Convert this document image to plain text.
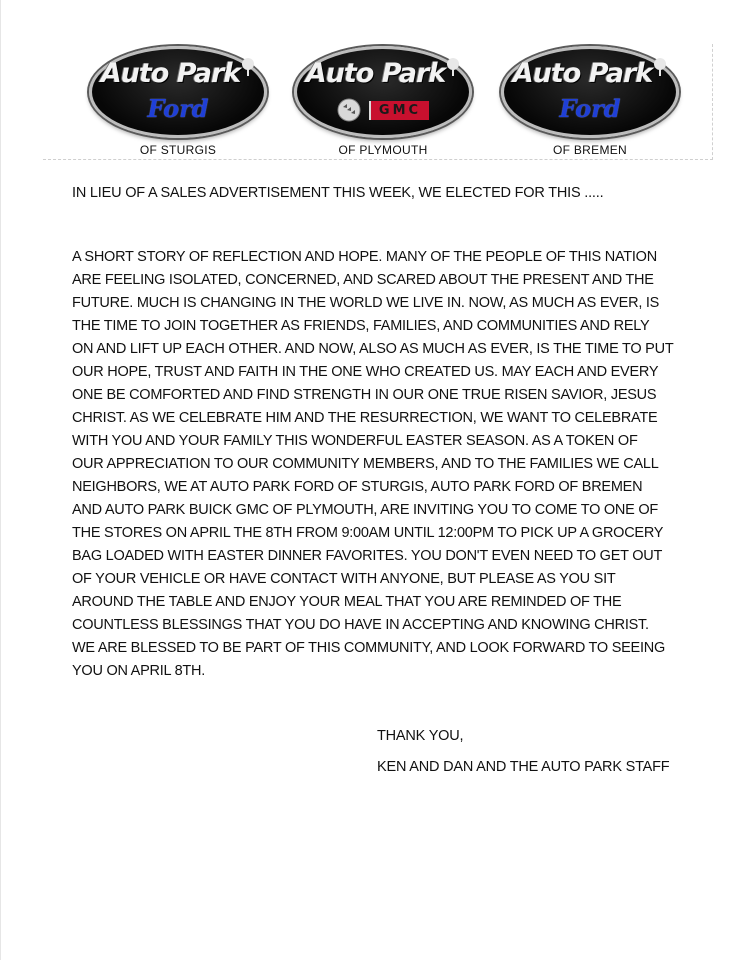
Auto Park
Ford
OF STURGIS
Auto Park
GMC
OF PLYMOUTH
Auto Park
Ford
OF BREMEN
IN LIEU OF A SALES ADVERTISEMENT THIS WEEK, WE ELECTED FOR THIS .....

A SHORT STORY OF REFLECTION AND HOPE. MANY OF THE PEOPLE OF THIS NATION
ARE FEELING ISOLATED, CONCERNED, AND SCARED ABOUT THE PRESENT AND THE
FUTURE. MUCH IS CHANGING IN THE WORLD WE LIVE IN. NOW, AS MUCH AS EVER, IS
THE TIME TO JOIN TOGETHER AS FRIENDS, FAMILIES, AND COMMUNITIES AND RELY
ON AND LIFT UP EACH OTHER. AND NOW, ALSO AS MUCH AS EVER, IS THE TIME TO PUT
OUR HOPE, TRUST AND FAITH IN THE ONE WHO CREATED US. MAY EACH AND EVERY
ONE BE COMFORTED AND FIND STRENGTH IN OUR ONE TRUE RISEN SAVIOR, JESUS
CHRIST. AS WE CELEBRATE HIM AND THE RESURRECTION, WE WANT TO CELEBRATE
WITH YOU AND YOUR FAMILY THIS WONDERFUL EASTER SEASON. AS A TOKEN OF
OUR APPRECIATION TO OUR COMMUNITY MEMBERS, AND TO THE FAMILIES WE CALL
NEIGHBORS, WE AT AUTO PARK FORD OF STURGIS, AUTO PARK FORD OF BREMEN
AND AUTO PARK BUICK GMC OF PLYMOUTH, ARE INVITING YOU TO COME TO ONE OF
THE STORES ON APRIL THE 8TH FROM 9:00AM UNTIL 12:00PM TO PICK UP A GROCERY
BAG LOADED WITH EASTER DINNER FAVORITES. YOU DON'T EVEN NEED TO GET OUT
OF YOUR VEHICLE OR HAVE CONTACT WITH ANYONE, BUT PLEASE AS YOU SIT
AROUND THE TABLE AND ENJOY YOUR MEAL THAT YOU ARE REMINDED OF THE
COUNTLESS BLESSINGS THAT YOU DO HAVE IN ACCEPTING AND KNOWING CHRIST.
WE ARE BLESSED TO BE PART OF THIS COMMUNITY, AND LOOK FORWARD TO SEEING
YOU ON APRIL 8TH.

THANK YOU,
KEN AND DAN AND THE AUTO PARK STAFF
